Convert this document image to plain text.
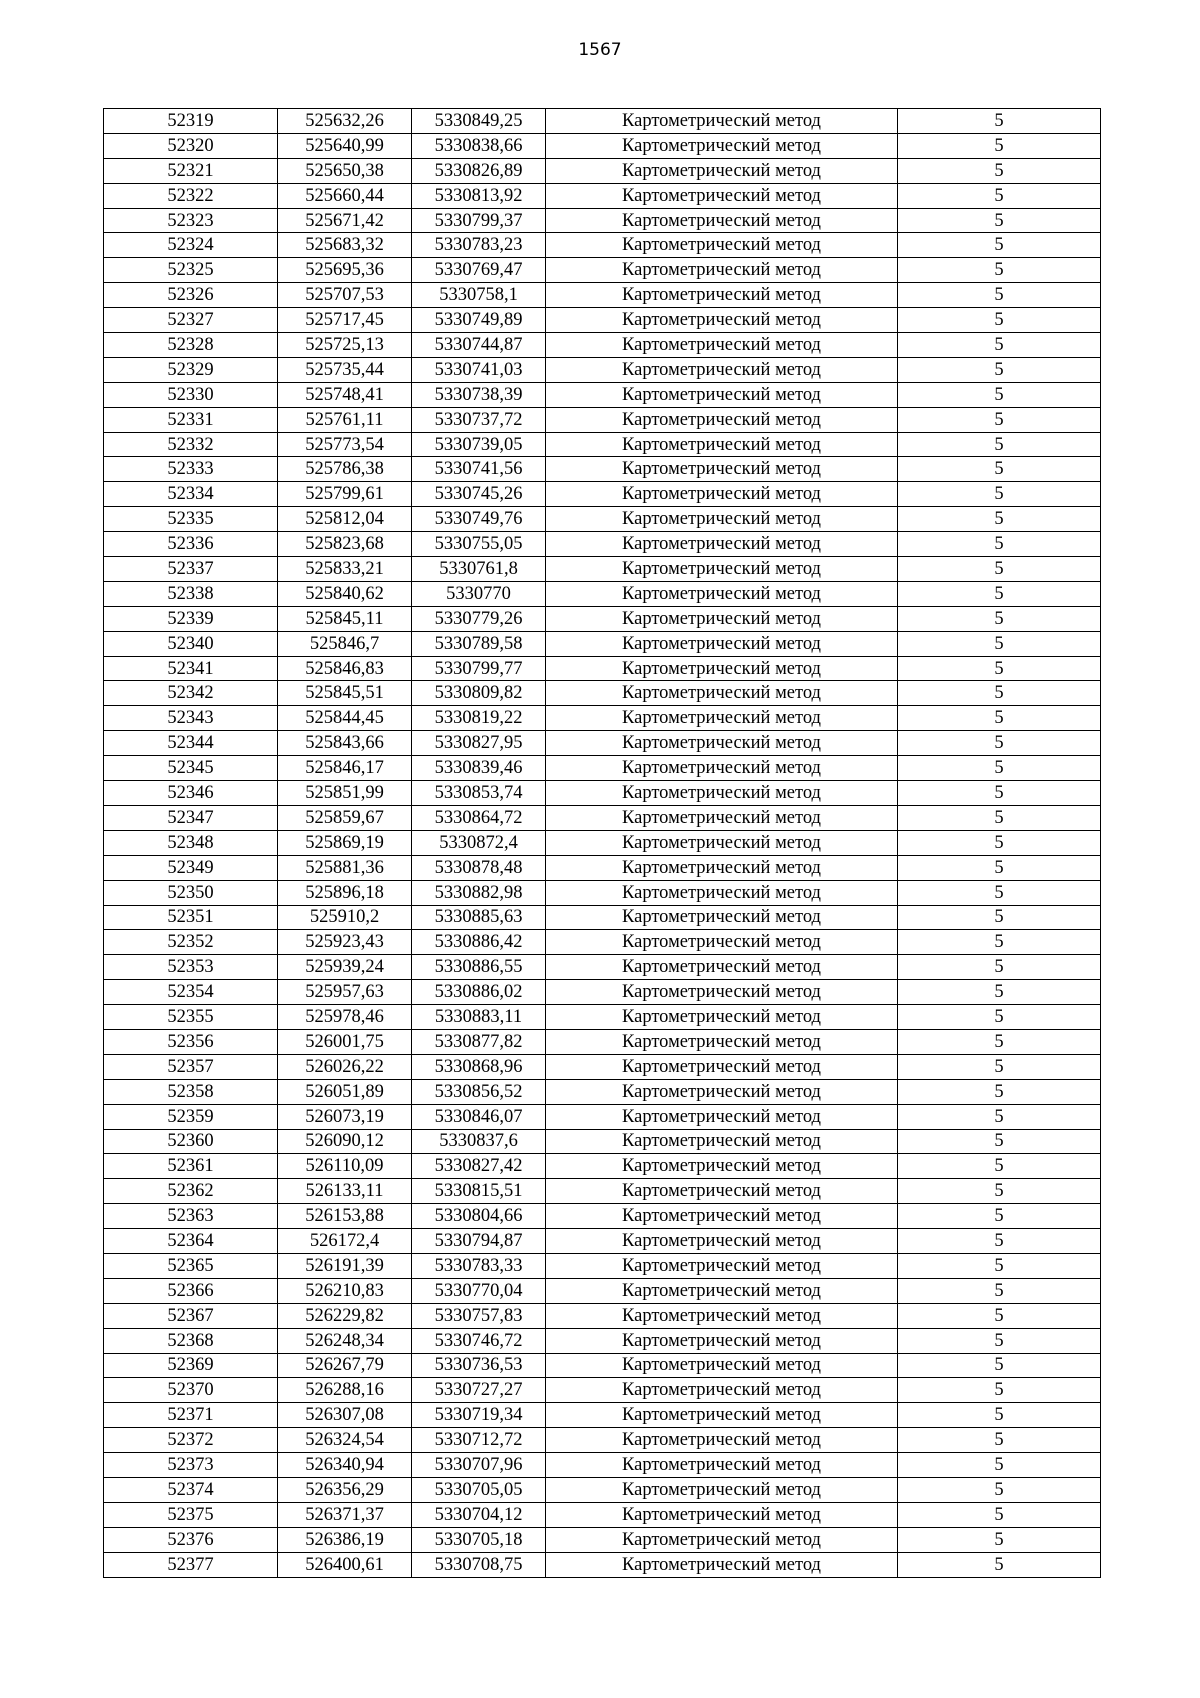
1567
52319	525632,26	5330849,25	Картометрический метод	5
52320	525640,99	5330838,66	Картометрический метод	5
52321	525650,38	5330826,89	Картометрический метод	5
52322	525660,44	5330813,92	Картометрический метод	5
52323	525671,42	5330799,37	Картометрический метод	5
52324	525683,32	5330783,23	Картометрический метод	5
52325	525695,36	5330769,47	Картометрический метод	5
52326	525707,53	5330758,1	Картометрический метод	5
52327	525717,45	5330749,89	Картометрический метод	5
52328	525725,13	5330744,87	Картометрический метод	5
52329	525735,44	5330741,03	Картометрический метод	5
52330	525748,41	5330738,39	Картометрический метод	5
52331	525761,11	5330737,72	Картометрический метод	5
52332	525773,54	5330739,05	Картометрический метод	5
52333	525786,38	5330741,56	Картометрический метод	5
52334	525799,61	5330745,26	Картометрический метод	5
52335	525812,04	5330749,76	Картометрический метод	5
52336	525823,68	5330755,05	Картометрический метод	5
52337	525833,21	5330761,8	Картометрический метод	5
52338	525840,62	5330770	Картометрический метод	5
52339	525845,11	5330779,26	Картометрический метод	5
52340	525846,7	5330789,58	Картометрический метод	5
52341	525846,83	5330799,77	Картометрический метод	5
52342	525845,51	5330809,82	Картометрический метод	5
52343	525844,45	5330819,22	Картометрический метод	5
52344	525843,66	5330827,95	Картометрический метод	5
52345	525846,17	5330839,46	Картометрический метод	5
52346	525851,99	5330853,74	Картометрический метод	5
52347	525859,67	5330864,72	Картометрический метод	5
52348	525869,19	5330872,4	Картометрический метод	5
52349	525881,36	5330878,48	Картометрический метод	5
52350	525896,18	5330882,98	Картометрический метод	5
52351	525910,2	5330885,63	Картометрический метод	5
52352	525923,43	5330886,42	Картометрический метод	5
52353	525939,24	5330886,55	Картометрический метод	5
52354	525957,63	5330886,02	Картометрический метод	5
52355	525978,46	5330883,11	Картометрический метод	5
52356	526001,75	5330877,82	Картометрический метод	5
52357	526026,22	5330868,96	Картометрический метод	5
52358	526051,89	5330856,52	Картометрический метод	5
52359	526073,19	5330846,07	Картометрический метод	5
52360	526090,12	5330837,6	Картометрический метод	5
52361	526110,09	5330827,42	Картометрический метод	5
52362	526133,11	5330815,51	Картометрический метод	5
52363	526153,88	5330804,66	Картометрический метод	5
52364	526172,4	5330794,87	Картометрический метод	5
52365	526191,39	5330783,33	Картометрический метод	5
52366	526210,83	5330770,04	Картометрический метод	5
52367	526229,82	5330757,83	Картометрический метод	5
52368	526248,34	5330746,72	Картометрический метод	5
52369	526267,79	5330736,53	Картометрический метод	5
52370	526288,16	5330727,27	Картометрический метод	5
52371	526307,08	5330719,34	Картометрический метод	5
52372	526324,54	5330712,72	Картометрический метод	5
52373	526340,94	5330707,96	Картометрический метод	5
52374	526356,29	5330705,05	Картометрический метод	5
52375	526371,37	5330704,12	Картометрический метод	5
52376	526386,19	5330705,18	Картометрический метод	5
52377	526400,61	5330708,75	Картометрический метод	5
